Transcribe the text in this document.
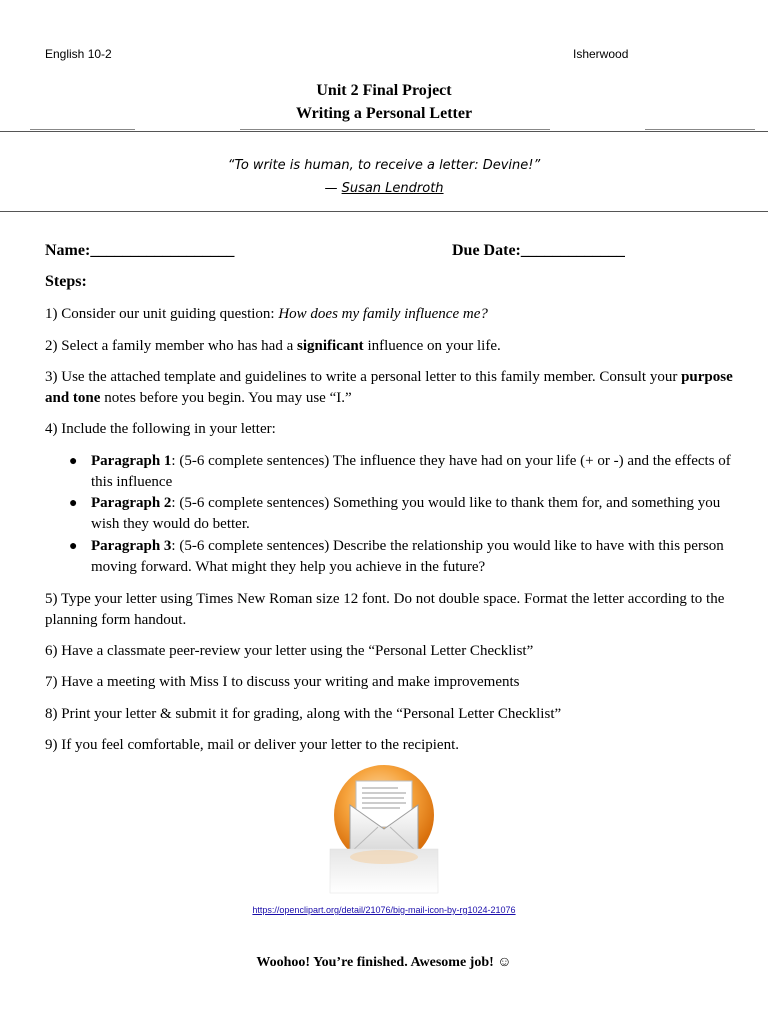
English 10-2	Isherwood
Unit 2 Final Project
Writing a Personal Letter
“To write is human, to receive a letter: Devine!”
— Susan Lendroth
Name:__________________	Due Date:_____________
Steps:
1) Consider our unit guiding question: How does my family influence me?
2) Select a family member who has had a significant influence on your life.
3) Use the attached template and guidelines to write a personal letter to this family member. Consult your purpose and tone notes before you begin. You may use “I.”
4) Include the following in your letter:
● Paragraph 1: (5-6 complete sentences) The influence they have had on your life (+ or -) and the effects of this influence
● Paragraph 2: (5-6 complete sentences) Something you would like to thank them for, and something you wish they would do better.
● Paragraph 3: (5-6 complete sentences) Describe the relationship you would like to have with this person moving forward. What might they help you achieve in the future?
5) Type your letter using Times New Roman size 12 font. Do not double space. Format the letter according to the planning form handout.
6) Have a classmate peer-review your letter using the “Personal Letter Checklist”
7) Have a meeting with Miss I to discuss your writing and make improvements
8) Print your letter & submit it for grading, along with the “Personal Letter Checklist”
9) If you feel comfortable, mail or deliver your letter to the recipient.
https://openclipart.org/detail/21076/big-mail-icon-by-rg1024-21076
Woohoo! You’re finished. Awesome job! ☺
